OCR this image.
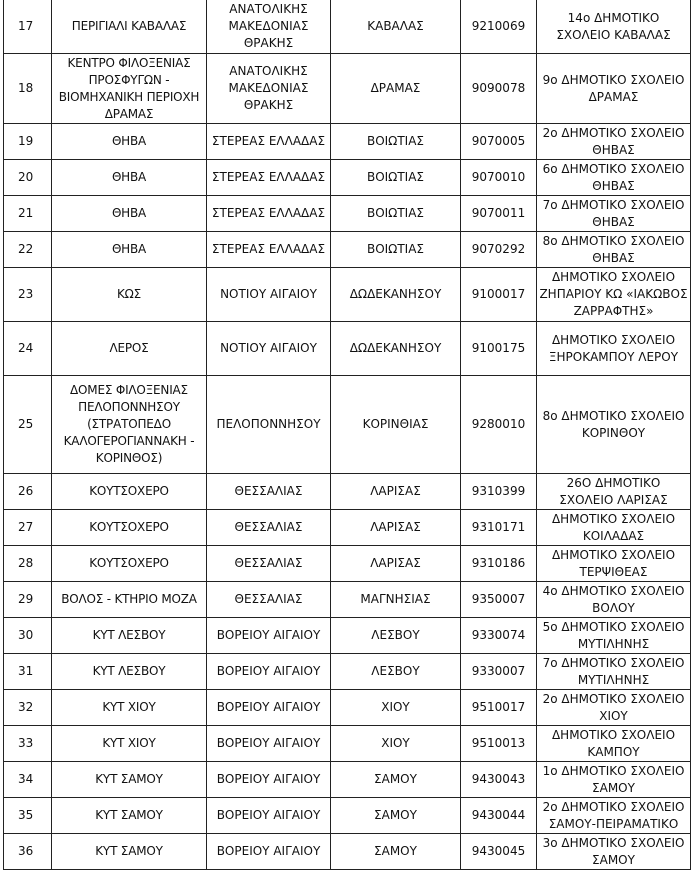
17	ΠΕΡΙΓΙΑΛΙ ΚΑΒΑΛΑΣ	ΑΝΑΤΟΛΙΚΗΣ ΜΑΚΕΔΟΝΙΑΣ ΘΡΑΚΗΣ	ΚΑΒΑΛΑΣ	9210069	14ο ΔΗΜΟΤΙΚΟ ΣΧΟΛΕΙΟ ΚΑΒΑΛΑΣ
18	ΚΕΝΤΡΟ ΦΙΛΟΞΕΝΙΑΣ ΠΡΟΣΦΥΓΩΝ - ΒΙΟΜΗΧΑΝΙΚΗ ΠΕΡΙΟΧΗ ΔΡΑΜΑΣ	ΑΝΑΤΟΛΙΚΗΣ ΜΑΚΕΔΟΝΙΑΣ ΘΡΑΚΗΣ	ΔΡΑΜΑΣ	9090078	9ο ΔΗΜΟΤΙΚΟ ΣΧΟΛΕΙΟ ΔΡΑΜΑΣ
19	ΘΗΒΑ	ΣΤΕΡΕΑΣ ΕΛΛΑΔΑΣ	ΒΟΙΩΤΙΑΣ	9070005	2ο ΔΗΜΟΤΙΚΟ ΣΧΟΛΕΙΟ ΘΗΒΑΣ
20	ΘΗΒΑ	ΣΤΕΡΕΑΣ ΕΛΛΑΔΑΣ	ΒΟΙΩΤΙΑΣ	9070010	6ο ΔΗΜΟΤΙΚΟ ΣΧΟΛΕΙΟ ΘΗΒΑΣ
21	ΘΗΒΑ	ΣΤΕΡΕΑΣ ΕΛΛΑΔΑΣ	ΒΟΙΩΤΙΑΣ	9070011	7ο ΔΗΜΟΤΙΚΟ ΣΧΟΛΕΙΟ ΘΗΒΑΣ
22	ΘΗΒΑ	ΣΤΕΡΕΑΣ ΕΛΛΑΔΑΣ	ΒΟΙΩΤΙΑΣ	9070292	8ο ΔΗΜΟΤΙΚΟ ΣΧΟΛΕΙΟ ΘΗΒΑΣ
23	ΚΩΣ	ΝΟΤΙΟΥ ΑΙΓΑΙΟΥ	ΔΩΔΕΚΑΝΗΣΟΥ	9100017	ΔΗΜΟΤΙΚΟ ΣΧΟΛΕΙΟ ΖΗΠΑΡΙΟΥ ΚΩ «ΙΑΚΩΒΟΣ ΖΑΡΡΑΦΤΗΣ»
24	ΛΕΡΟΣ	ΝΟΤΙΟΥ ΑΙΓΑΙΟΥ	ΔΩΔΕΚΑΝΗΣΟΥ	9100175	ΔΗΜΟΤΙΚΟ ΣΧΟΛΕΙΟ ΞΗΡΟΚΑΜΠΟΥ ΛΕΡΟΥ
25	ΔΟΜΕΣ ΦΙΛΟΞΕΝΙΑΣ ΠΕΛΟΠΟΝΝΗΣΟΥ (ΣΤΡΑΤΟΠΕΔΟ ΚΑΛΟΓΕΡΟΓΙΑΝΝΑΚΗ - ΚΟΡΙΝΘΟΣ)	ΠΕΛΟΠΟΝΝΗΣΟΥ	ΚΟΡΙΝΘΙΑΣ	9280010	8ο ΔΗΜΟΤΙΚΟ ΣΧΟΛΕΙΟ ΚΟΡΙΝΘΟΥ
26	ΚΟΥΤΣΟΧΕΡΟ	ΘΕΣΣΑΛΙΑΣ	ΛΑΡΙΣΑΣ	9310399	26Ο ΔΗΜΟΤΙΚΟ ΣΧΟΛΕΙΟ ΛΑΡΙΣΑΣ
27	ΚΟΥΤΣΟΧΕΡΟ	ΘΕΣΣΑΛΙΑΣ	ΛΑΡΙΣΑΣ	9310171	ΔΗΜΟΤΙΚΟ ΣΧΟΛΕΙΟ ΚΟΙΛΑΔΑΣ
28	ΚΟΥΤΣΟΧΕΡΟ	ΘΕΣΣΑΛΙΑΣ	ΛΑΡΙΣΑΣ	9310186	ΔΗΜΟΤΙΚΟ ΣΧΟΛΕΙΟ ΤΕΡΨΙΘΕΑΣ
29	ΒΟΛΟΣ - ΚΤΗΡΙΟ ΜΟΖΑ	ΘΕΣΣΑΛΙΑΣ	ΜΑΓΝΗΣΙΑΣ	9350007	4ο ΔΗΜΟΤΙΚΟ ΣΧΟΛΕΙΟ ΒΟΛΟΥ
30	ΚΥΤ ΛΕΣΒΟΥ	ΒΟΡΕΙΟΥ ΑΙΓΑΙΟΥ	ΛΕΣΒΟΥ	9330074	5ο ΔΗΜΟΤΙΚΟ ΣΧΟΛΕΙΟ ΜΥΤΙΛΗΝΗΣ
31	ΚΥΤ ΛΕΣΒΟΥ	ΒΟΡΕΙΟΥ ΑΙΓΑΙΟΥ	ΛΕΣΒΟΥ	9330007	7ο ΔΗΜΟΤΙΚΟ ΣΧΟΛΕΙΟ ΜΥΤΙΛΗΝΗΣ
32	ΚΥΤ ΧΙΟΥ	ΒΟΡΕΙΟΥ ΑΙΓΑΙΟΥ	ΧΙΟΥ	9510017	2ο ΔΗΜΟΤΙΚΟ ΣΧΟΛΕΙΟ ΧΙΟΥ
33	ΚΥΤ ΧΙΟΥ	ΒΟΡΕΙΟΥ ΑΙΓΑΙΟΥ	ΧΙΟΥ	9510013	ΔΗΜΟΤΙΚΟ ΣΧΟΛΕΙΟ ΚΑΜΠΟΥ
34	ΚΥΤ ΣΑΜΟΥ	ΒΟΡΕΙΟΥ ΑΙΓΑΙΟΥ	ΣΑΜΟΥ	9430043	1ο ΔΗΜΟΤΙΚΟ ΣΧΟΛΕΙΟ ΣΑΜΟΥ
35	ΚΥΤ ΣΑΜΟΥ	ΒΟΡΕΙΟΥ ΑΙΓΑΙΟΥ	ΣΑΜΟΥ	9430044	2ο ΔΗΜΟΤΙΚΟ ΣΧΟΛΕΙΟ ΣΑΜΟΥ-ΠΕΙΡΑΜΑΤΙΚΟ
36	ΚΥΤ ΣΑΜΟΥ	ΒΟΡΕΙΟΥ ΑΙΓΑΙΟΥ	ΣΑΜΟΥ	9430045	3ο ΔΗΜΟΤΙΚΟ ΣΧΟΛΕΙΟ ΣΑΜΟΥ
